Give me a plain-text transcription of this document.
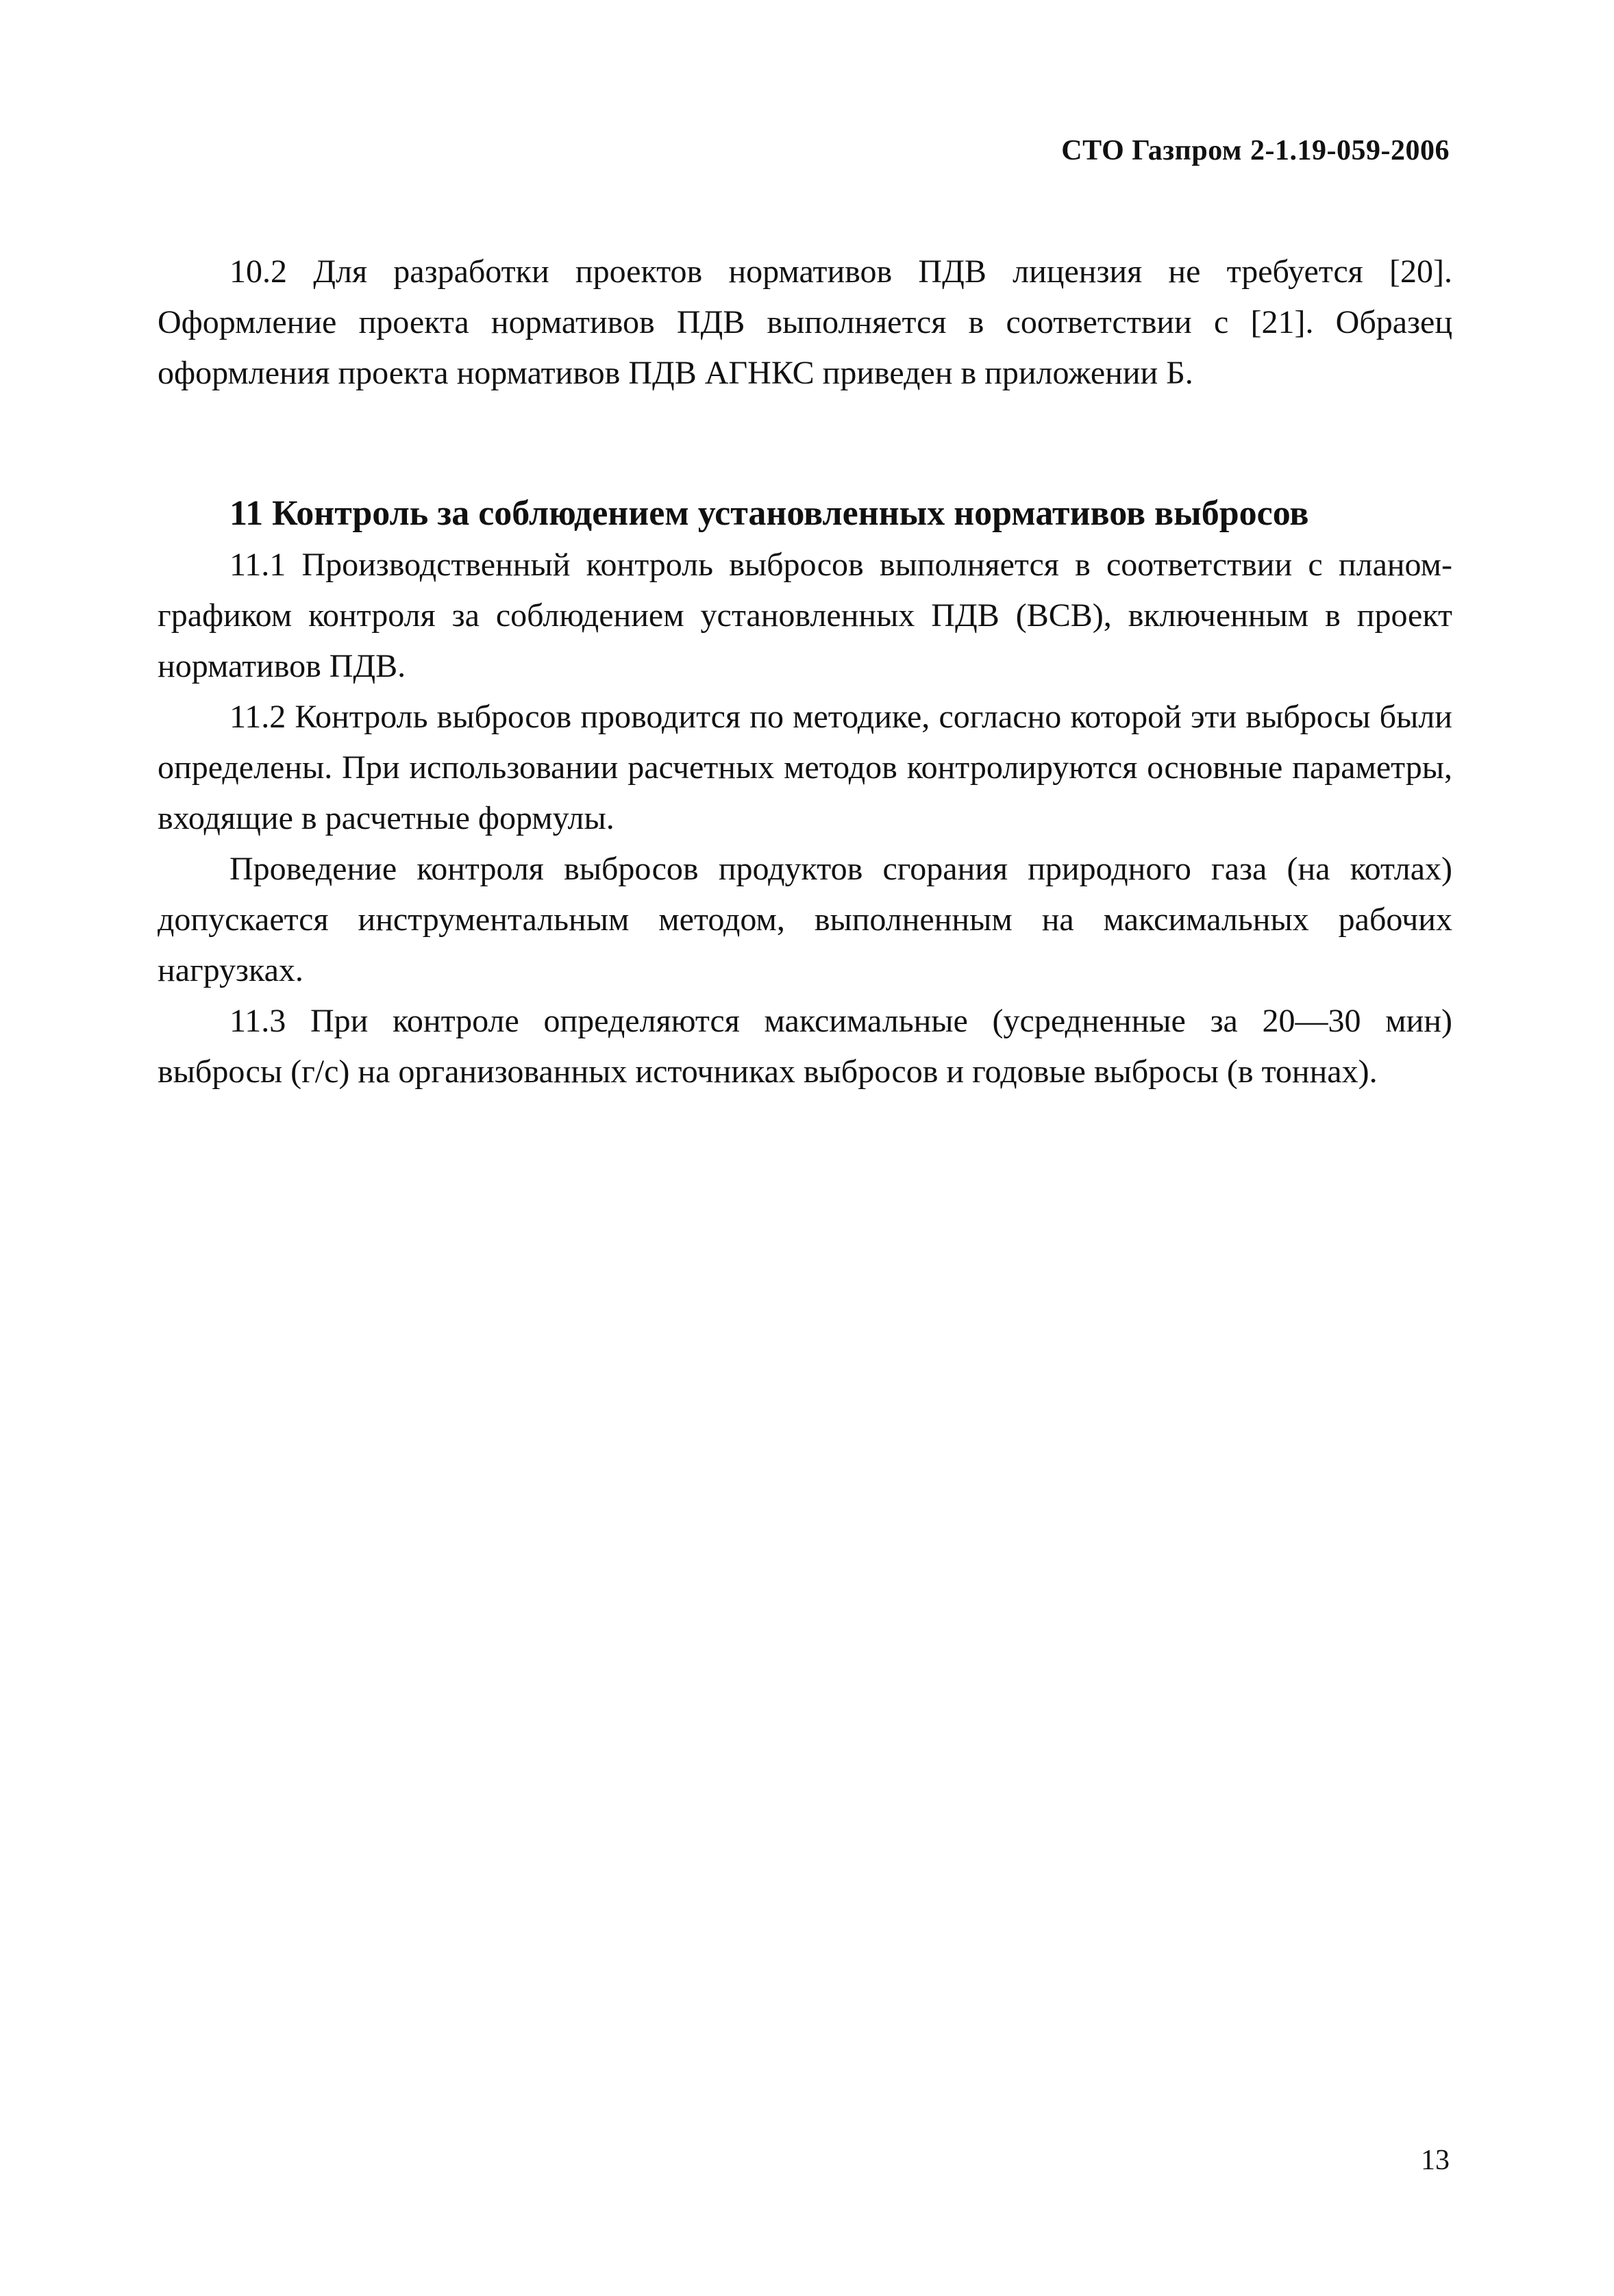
СТО Газпром 2-1.19-059-2006

10.2 Для разработки проектов нормативов ПДВ лицензия не требуется [20]. Оформление проекта нормативов ПДВ выполняется в соответствии с [21]. Образец оформления проекта нормативов ПДВ АГНКС приведен в приложении Б.

11 Контроль за соблюдением установленных нормативов выбросов

11.1 Производственный контроль выбросов выполняется в соответствии с планом-графиком контроля за соблюдением установленных ПДВ (ВСВ), включенным в проект нормативов ПДВ.

11.2 Контроль выбросов проводится по методике, согласно которой эти выбросы были определены. При использовании расчетных методов контролируются основные параметры, входящие в расчетные формулы.

Проведение контроля выбросов продуктов сгорания природного газа (на котлах) допускается инструментальным методом, выполненным на максимальных рабочих нагрузках.

11.3 При контроле определяются максимальные (усредненные за 20—30 мин) выбросы (г/с) на организованных источниках выбросов и годовые выбросы (в тоннах).

13
